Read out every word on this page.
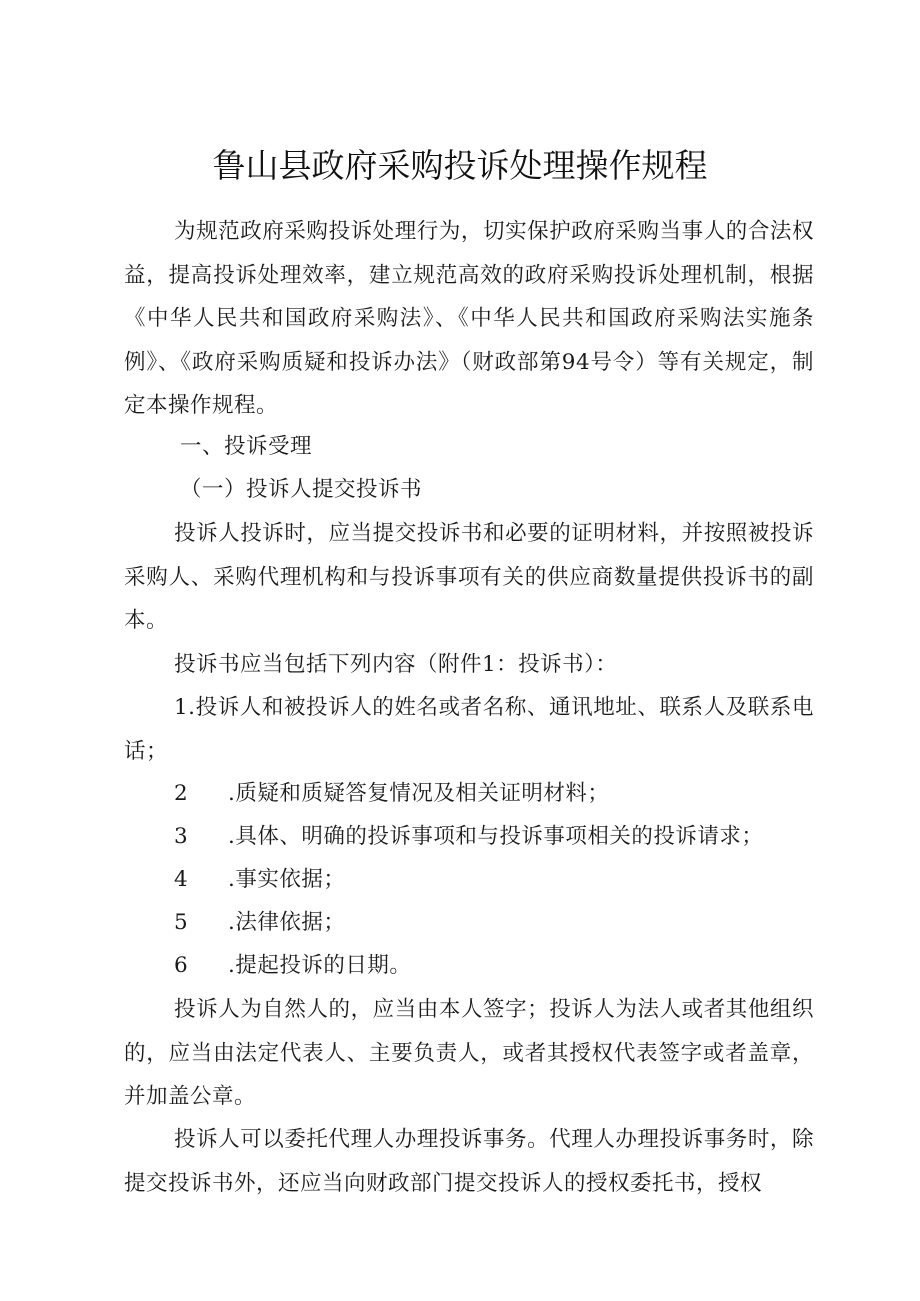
鲁山县政府采购投诉处理操作规程

为规范政府采购投诉处理行为，切实保护政府采购当事人的合法权益，提高投诉处理效率，建立规范高效的政府采购投诉处理机制，根据《中华人民共和国政府采购法》、《中华人民共和国政府采购法实施条例》、《政府采购质疑和投诉办法》（财政部第94号令）等有关规定，制定本操作规程。

一、投诉受理
（一）投诉人提交投诉书

投诉人投诉时，应当提交投诉书和必要的证明材料，并按照被投诉采购人、采购代理机构和与投诉事项有关的供应商数量提供投诉书的副本。

投诉书应当包括下列内容（附件1：投诉书）：

1.投诉人和被投诉人的姓名或者名称、通讯地址、联系人及联系电话；

2 .质疑和质疑答复情况及相关证明材料；
3 .具体、明确的投诉事项和与投诉事项相关的投诉请求；
4 .事实依据；
5 .法律依据；
6 .提起投诉的日期。

投诉人为自然人的，应当由本人签字；投诉人为法人或者其他组织的，应当由法定代表人、主要负责人，或者其授权代表签字或者盖章，并加盖公章。

投诉人可以委托代理人办理投诉事务。代理人办理投诉事务时，除提交投诉书外，还应当向财政部门提交投诉人的授权委托书，授权
